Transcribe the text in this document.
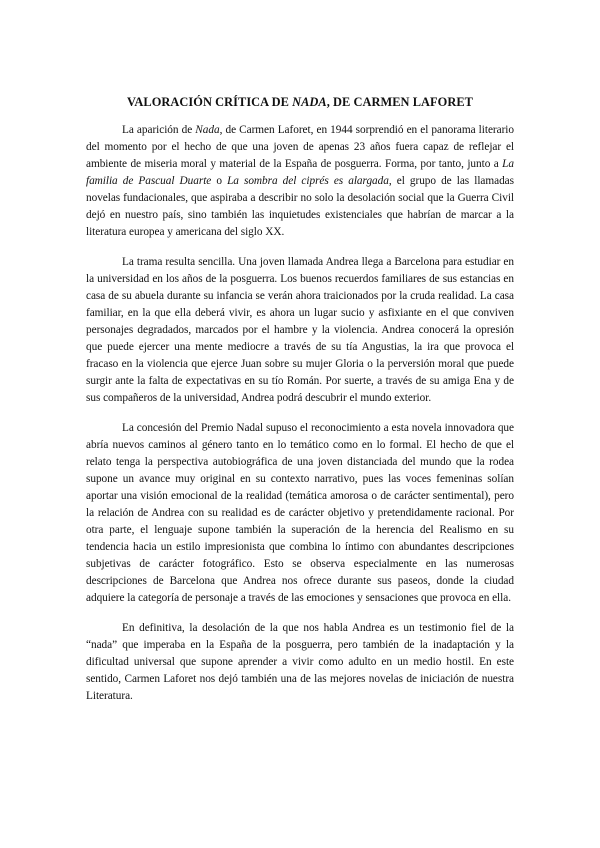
VALORACIÓN CRÍTICA DE NADA, DE CARMEN LAFORET

La aparición de Nada, de Carmen Laforet, en 1944 sorprendió en el panorama literario del momento por el hecho de que una joven de apenas 23 años fuera capaz de reflejar el ambiente de miseria moral y material de la España de posguerra. Forma, por tanto, junto a La familia de Pascual Duarte o La sombra del ciprés es alargada, el grupo de las llamadas novelas fundacionales, que aspiraba a describir no solo la desolación social que la Guerra Civil dejó en nuestro país, sino también las inquietudes existenciales que habrían de marcar a la literatura europea y americana del siglo XX.

La trama resulta sencilla. Una joven llamada Andrea llega a Barcelona para estudiar en la universidad en los años de la posguerra. Los buenos recuerdos familiares de sus estancias en casa de su abuela durante su infancia se verán ahora traicionados por la cruda realidad. La casa familiar, en la que ella deberá vivir, es ahora un lugar sucio y asfixiante en el que conviven personajes degradados, marcados por el hambre y la violencia. Andrea conocerá la opresión que puede ejercer una mente mediocre a través de su tía Angustias, la ira que provoca el fracaso en la violencia que ejerce Juan sobre su mujer Gloria o la perversión moral que puede surgir ante la falta de expectativas en su tío Román. Por suerte, a través de su amiga Ena y de sus compañeros de la universidad, Andrea podrá descubrir el mundo exterior.

La concesión del Premio Nadal supuso el reconocimiento a esta novela innovadora que abría nuevos caminos al género tanto en lo temático como en lo formal. El hecho de que el relato tenga la perspectiva autobiográfica de una joven distanciada del mundo que la rodea supone un avance muy original en su contexto narrativo, pues las voces femeninas solían aportar una visión emocional de la realidad (temática amorosa o de carácter sentimental), pero la relación de Andrea con su realidad es de carácter objetivo y pretendidamente racional. Por otra parte, el lenguaje supone también la superación de la herencia del Realismo en su tendencia hacia un estilo impresionista que combina lo íntimo con abundantes descripciones subjetivas de carácter fotográfico. Esto se observa especialmente en las numerosas descripciones de Barcelona que Andrea nos ofrece durante sus paseos, donde la ciudad adquiere la categoría de personaje a través de las emociones y sensaciones que provoca en ella.

En definitiva, la desolación de la que nos habla Andrea es un testimonio fiel de la “nada” que imperaba en la España de la posguerra, pero también de la inadaptación y la dificultad universal que supone aprender a vivir como adulto en un medio hostil. En este sentido, Carmen Laforet nos dejó también una de las mejores novelas de iniciación de nuestra Literatura.
